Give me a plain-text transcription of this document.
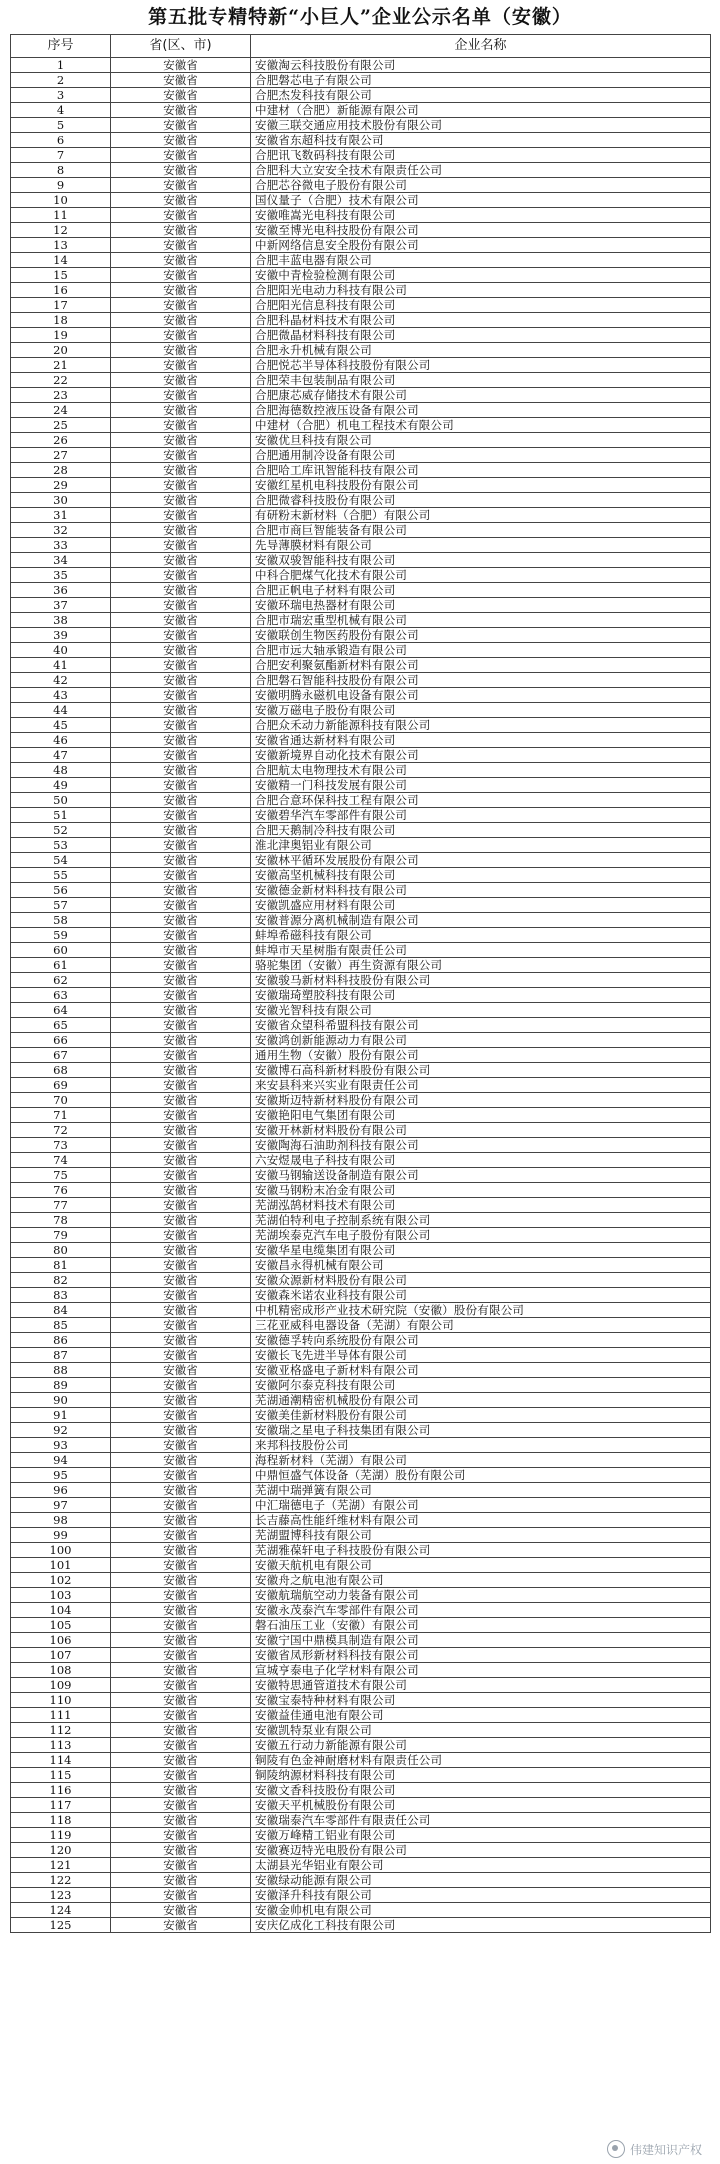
第五批专精特新“小巨人”企业公示名单（安徽）
序号	省(区、市)	企业名称
1	安徽省	安徽淘云科技股份有限公司
2	安徽省	合肥磐芯电子有限公司
3	安徽省	合肥杰发科技有限公司
4	安徽省	中建材（合肥）新能源有限公司
5	安徽省	安徽三联交通应用技术股份有限公司
6	安徽省	安徽省东超科技有限公司
7	安徽省	合肥讯飞数码科技有限公司
8	安徽省	合肥科大立安安全技术有限责任公司
9	安徽省	合肥芯谷微电子股份有限公司
10	安徽省	国仪量子（合肥）技术有限公司
11	安徽省	安徽唯嵩光电科技有限公司
12	安徽省	安徽至博光电科技股份有限公司
13	安徽省	中新网络信息安全股份有限公司
14	安徽省	合肥丰蓝电器有限公司
15	安徽省	安徽中青检验检测有限公司
16	安徽省	合肥阳光电动力科技有限公司
17	安徽省	合肥阳光信息科技有限公司
18	安徽省	合肥科晶材料技术有限公司
19	安徽省	合肥微晶材料科技有限公司
20	安徽省	合肥永升机械有限公司
21	安徽省	合肥悦芯半导体科技股份有限公司
22	安徽省	合肥荣丰包装制品有限公司
23	安徽省	合肥康芯威存储技术有限公司
24	安徽省	合肥海德数控液压设备有限公司
25	安徽省	中建材（合肥）机电工程技术有限公司
26	安徽省	安徽优旦科技有限公司
27	安徽省	合肥通用制冷设备有限公司
28	安徽省	合肥哈工库讯智能科技有限公司
29	安徽省	安徽红星机电科技股份有限公司
30	安徽省	合肥微睿科技股份有限公司
31	安徽省	有研粉末新材料（合肥）有限公司
32	安徽省	合肥市商巨智能装备有限公司
33	安徽省	先导薄膜材料有限公司
34	安徽省	安徽双骏智能科技有限公司
35	安徽省	中科合肥煤气化技术有限公司
36	安徽省	合肥正帆电子材料有限公司
37	安徽省	安徽环瑞电热器材有限公司
38	安徽省	合肥市瑞宏重型机械有限公司
39	安徽省	安徽联创生物医药股份有限公司
40	安徽省	合肥市远大轴承锻造有限公司
41	安徽省	合肥安利聚氨酯新材料有限公司
42	安徽省	合肥磐石智能科技股份有限公司
43	安徽省	安徽明腾永磁机电设备有限公司
44	安徽省	安徽万磁电子股份有限公司
45	安徽省	合肥众禾动力新能源科技有限公司
46	安徽省	安徽省通达新材料有限公司
47	安徽省	安徽新境界自动化技术有限公司
48	安徽省	合肥航太电物理技术有限公司
49	安徽省	安徽精一门科技发展有限公司
50	安徽省	合肥合意环保科技工程有限公司
51	安徽省	安徽碧华汽车零部件有限公司
52	安徽省	合肥天鹅制冷科技有限公司
53	安徽省	淮北津奥铝业有限公司
54	安徽省	安徽林平循环发展股份有限公司
55	安徽省	安徽高坚机械科技有限公司
56	安徽省	安徽德金新材料科技有限公司
57	安徽省	安徽凯盛应用材料有限公司
58	安徽省	安徽普源分离机械制造有限公司
59	安徽省	蚌埠希磁科技有限公司
60	安徽省	蚌埠市天星树脂有限责任公司
61	安徽省	骆驼集团（安徽）再生资源有限公司
62	安徽省	安徽骏马新材料科技股份有限公司
63	安徽省	安徽瑞琦塑胶科技有限公司
64	安徽省	安徽光智科技有限公司
65	安徽省	安徽省众望科希盟科技有限公司
66	安徽省	安徽鸿创新能源动力有限公司
67	安徽省	通用生物（安徽）股份有限公司
68	安徽省	安徽博石高科新材料股份有限公司
69	安徽省	来安县科来兴实业有限责任公司
70	安徽省	安徽斯迈特新材料股份有限公司
71	安徽省	安徽艳阳电气集团有限公司
72	安徽省	安徽开林新材料股份有限公司
73	安徽省	安徽陶海石油助剂科技有限公司
74	安徽省	六安煜晟电子科技有限公司
75	安徽省	安徽马钢输送设备制造有限公司
76	安徽省	安徽马钢粉末冶金有限公司
77	安徽省	芜湖泓鹄材料技术有限公司
78	安徽省	芜湖伯特利电子控制系统有限公司
79	安徽省	芜湖埃泰克汽车电子股份有限公司
80	安徽省	安徽华星电缆集团有限公司
81	安徽省	安徽昌永得机械有限公司
82	安徽省	安徽众源新材料股份有限公司
83	安徽省	安徽森米诺农业科技有限公司
84	安徽省	中机精密成形产业技术研究院（安徽）股份有限公司
85	安徽省	三花亚威科电器设备（芜湖）有限公司
86	安徽省	安徽德孚转向系统股份有限公司
87	安徽省	安徽长飞先进半导体有限公司
88	安徽省	安徽亚格盛电子新材料有限公司
89	安徽省	安徽阿尔泰克科技有限公司
90	安徽省	芜湖通潮精密机械股份有限公司
91	安徽省	安徽美佳新材料股份有限公司
92	安徽省	安徽瑞之星电子科技集团有限公司
93	安徽省	来邦科技股份公司
94	安徽省	海程新材料（芜湖）有限公司
95	安徽省	中鼎恒盛气体设备（芜湖）股份有限公司
96	安徽省	芜湖中瑞弹簧有限公司
97	安徽省	中汇瑞德电子（芜湖）有限公司
98	安徽省	长吉藤高性能纤维材料有限公司
99	安徽省	芜湖盟博科技有限公司
100	安徽省	芜湖雅葆轩电子科技股份有限公司
101	安徽省	安徽天航机电有限公司
102	安徽省	安徽舟之航电池有限公司
103	安徽省	安徽航瑞航空动力装备有限公司
104	安徽省	安徽永茂泰汽车零部件有限公司
105	安徽省	磐石油压工业（安徽）有限公司
106	安徽省	安徽宁国中鼎模具制造有限公司
107	安徽省	安徽省凤形新材料科技有限公司
108	安徽省	宣城亨泰电子化学材料有限公司
109	安徽省	安徽特思通管道技术有限公司
110	安徽省	安徽宝泰特种材料有限公司
111	安徽省	安徽益佳通电池有限公司
112	安徽省	安徽凯特泵业有限公司
113	安徽省	安徽五行动力新能源有限公司
114	安徽省	铜陵有色金神耐磨材料有限责任公司
115	安徽省	铜陵纳源材料科技有限公司
116	安徽省	安徽文香科技股份有限公司
117	安徽省	安徽天平机械股份有限公司
118	安徽省	安徽瑞泰汽车零部件有限责任公司
119	安徽省	安徽万峰精工铝业有限公司
120	安徽省	安徽赛迈特光电股份有限公司
121	安徽省	太湖县光华铝业有限公司
122	安徽省	安徽绿动能源有限公司
123	安徽省	安徽泽升科技有限公司
124	安徽省	安徽金帅机电有限公司
125	安徽省	安庆亿成化工科技有限公司
伟建知识产权
